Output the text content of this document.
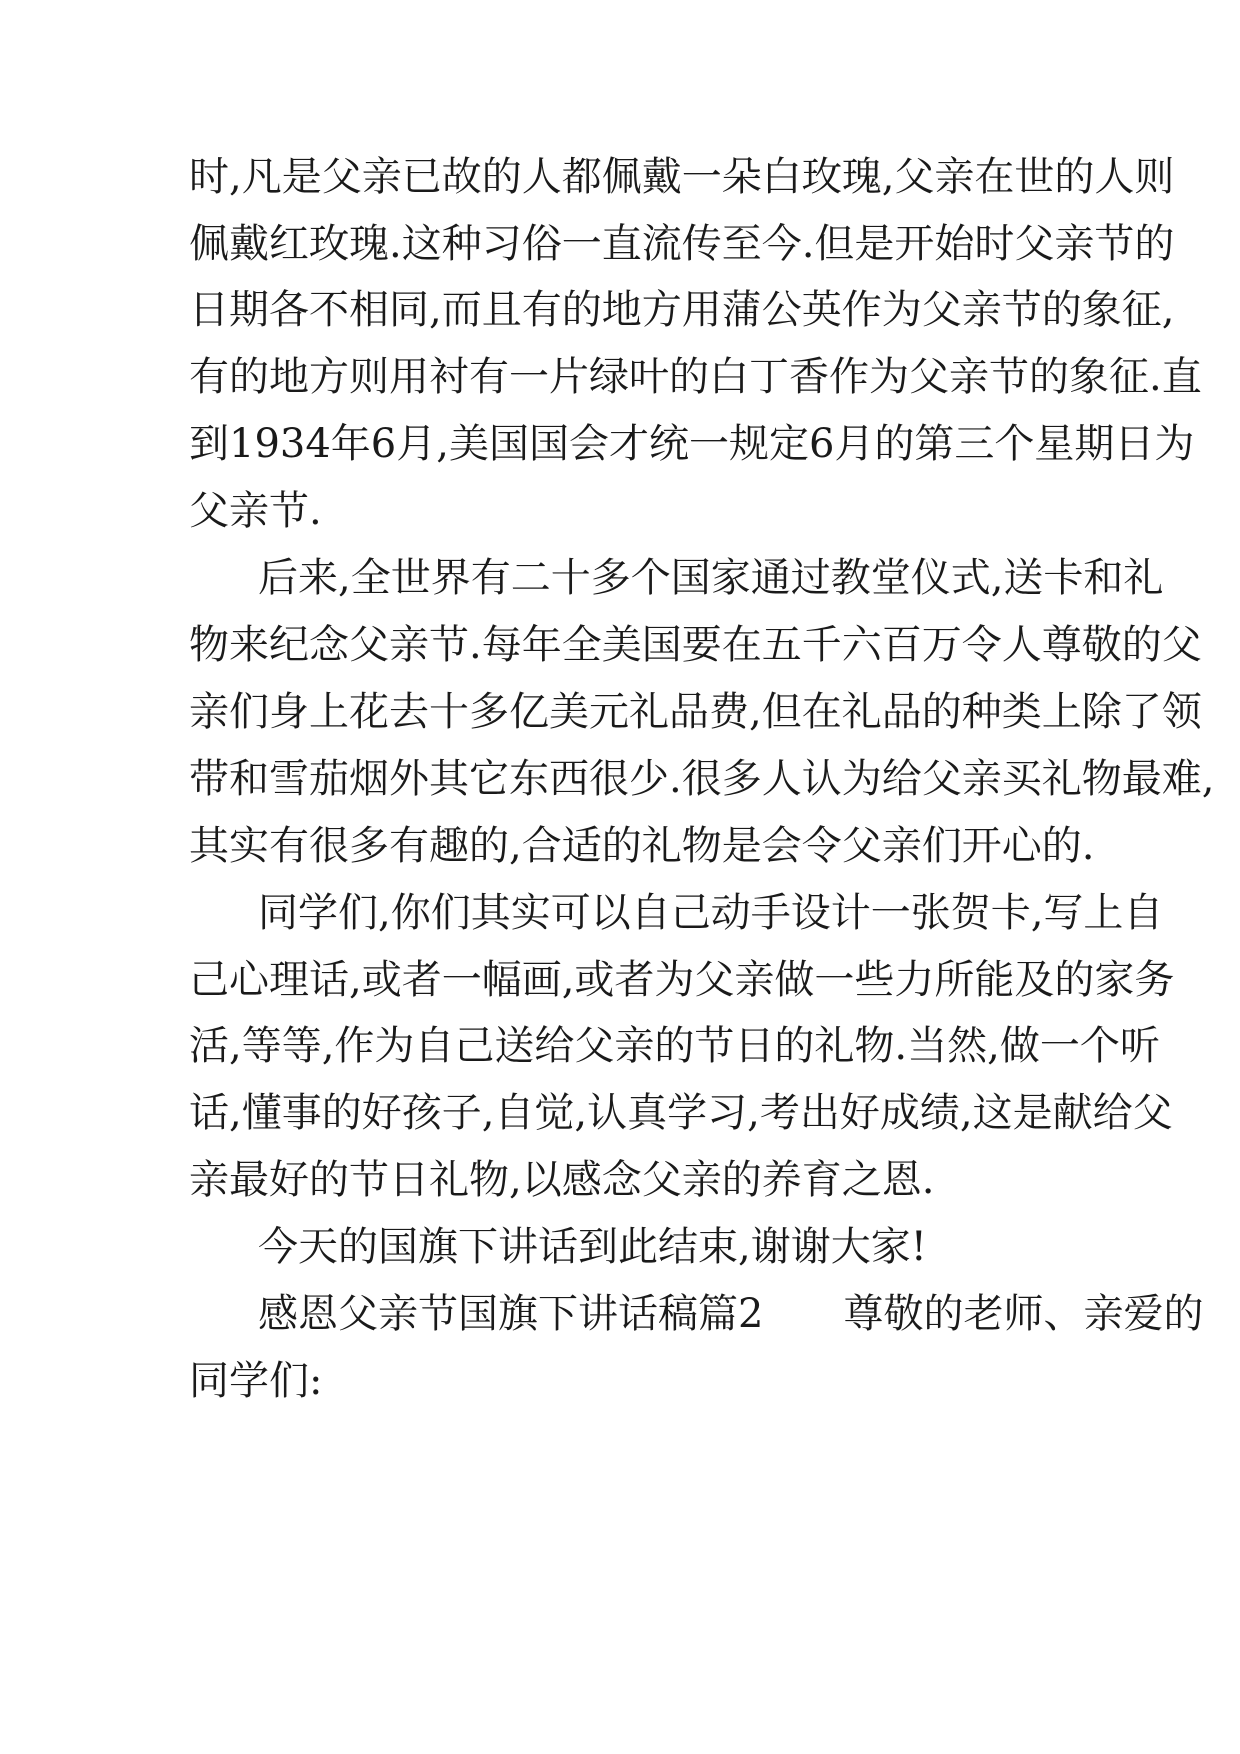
时,凡是父亲已故的人都佩戴一朵白玫瑰,父亲在世的人则

佩戴红玫瑰.这种习俗一直流传至今.但是开始时父亲节的

日期各不相同,而且有的地方用蒲公英作为父亲节的象征,

有的地方则用衬有一片绿叶的白丁香作为父亲节的象征.直

到1934年6月,美国国会才统一规定6月的第三个星期日为

父亲节.

后来,全世界有二十多个国家通过教堂仪式,送卡和礼

物来纪念父亲节.每年全美国要在五千六百万令人尊敬的父

亲们身上花去十多亿美元礼品费,但在礼品的种类上除了领

带和雪茄烟外其它东西很少.很多人认为给父亲买礼物最难,

其实有很多有趣的,合适的礼物是会令父亲们开心的.

同学们,你们其实可以自己动手设计一张贺卡,写上自

己心理话,或者一幅画,或者为父亲做一些力所能及的家务

活,等等,作为自己送给父亲的节日的礼物.当然,做一个听

话,懂事的好孩子,自觉,认真学习,考出好成绩,这是献给父

亲最好的节日礼物,以感念父亲的养育之恩.

今天的国旗下讲话到此结束,谢谢大家!

感恩父亲节国旗下讲话稿篇2　　尊敬的老师、亲爱的

同学们:
